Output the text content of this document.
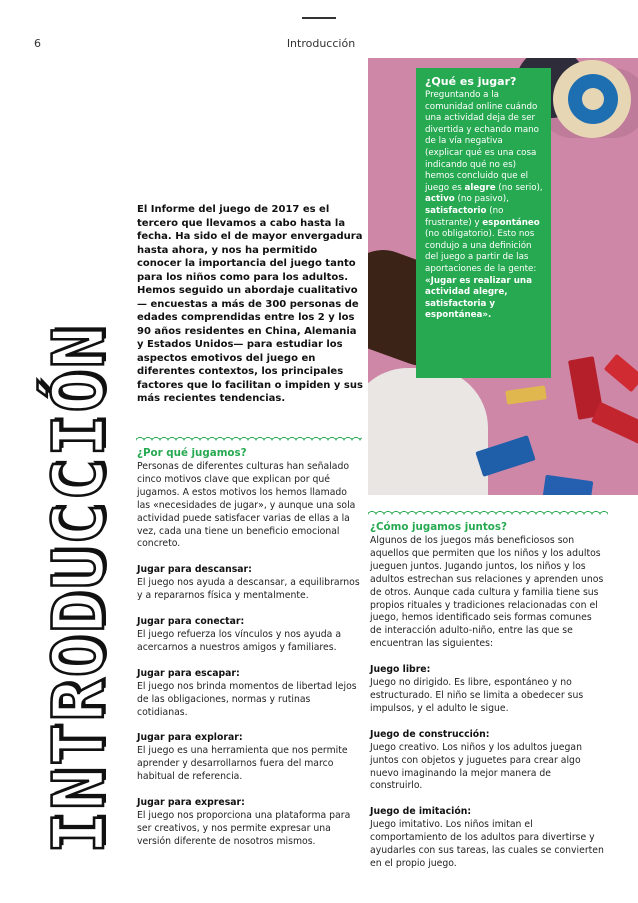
6	Introducción
INTRODUCCIÓN
¿Qué es jugar?
Preguntando a la comunidad online cuándo una actividad deja de ser divertida y echando mano de la vía negativa (explicar qué es una cosa indicando qué no es) hemos concluido que el juego es alegre (no serio), activo (no pasivo), satisfactorio (no frustrante) y espontáneo (no obligatorio). Esto nos condujo a una definición del juego a partir de las aportaciones de la gente:
«Jugar es realizar una actividad alegre, satisfactoria y espontánea».
El Informe del juego de 2017 es el tercero que llevamos a cabo hasta la fecha. Ha sido el de mayor envergadura hasta ahora, y nos ha permitido conocer la importancia del juego tanto para los niños como para los adultos. Hemos seguido un abordaje cualitativo — encuestas a más de 300 personas de edades comprendidas entre los 2 y los 90 años residentes en China, Alemania y Estados Unidos— para estudiar los aspectos emotivos del juego en diferentes contextos, los principales factores que lo facilitan o impiden y sus más recientes tendencias.
¿Por qué jugamos?
Personas de diferentes culturas han señalado cinco motivos clave que explican por qué jugamos. A estos motivos los hemos llamado las «necesidades de jugar», y aunque una sola actividad puede satisfacer varias de ellas a la vez, cada una tiene un beneficio emocional concreto.
Jugar para descansar:
El juego nos ayuda a descansar, a equilibrarnos y a repararnos física y mentalmente.
Jugar para conectar:
El juego refuerza los vínculos y nos ayuda a acercarnos a nuestros amigos y familiares.
Jugar para escapar:
El juego nos brinda momentos de libertad lejos de las obligaciones, normas y rutinas cotidianas.
Jugar para explorar:
El juego es una herramienta que nos permite aprender y desarrollarnos fuera del marco habitual de referencia.
Jugar para expresar:
El juego nos proporciona una plataforma para ser creativos, y nos permite expresar una versión diferente de nosotros mismos.
¿Cómo jugamos juntos?
Algunos de los juegos más beneficiosos son aquellos que permiten que los niños y los adultos jueguen juntos. Jugando juntos, los niños y los adultos estrechan sus relaciones y aprenden unos de otros. Aunque cada cultura y familia tiene sus propios rituales y tradiciones relacionadas con el juego, hemos identificado seis formas comunes de interacción adulto-niño, entre las que se encuentran las siguientes:
Juego libre:
Juego no dirigido. Es libre, espontáneo y no estructurado. El niño se limita a obedecer sus impulsos, y el adulto le sigue.
Juego de construcción:
Juego creativo. Los niños y los adultos juegan juntos con objetos y juguetes para crear algo nuevo imaginando la mejor manera de construirlo.
Juego de imitación:
Juego imitativo. Los niños imitan el comportamiento de los adultos para divertirse y ayudarles con sus tareas, las cuales se convierten en el propio juego.
